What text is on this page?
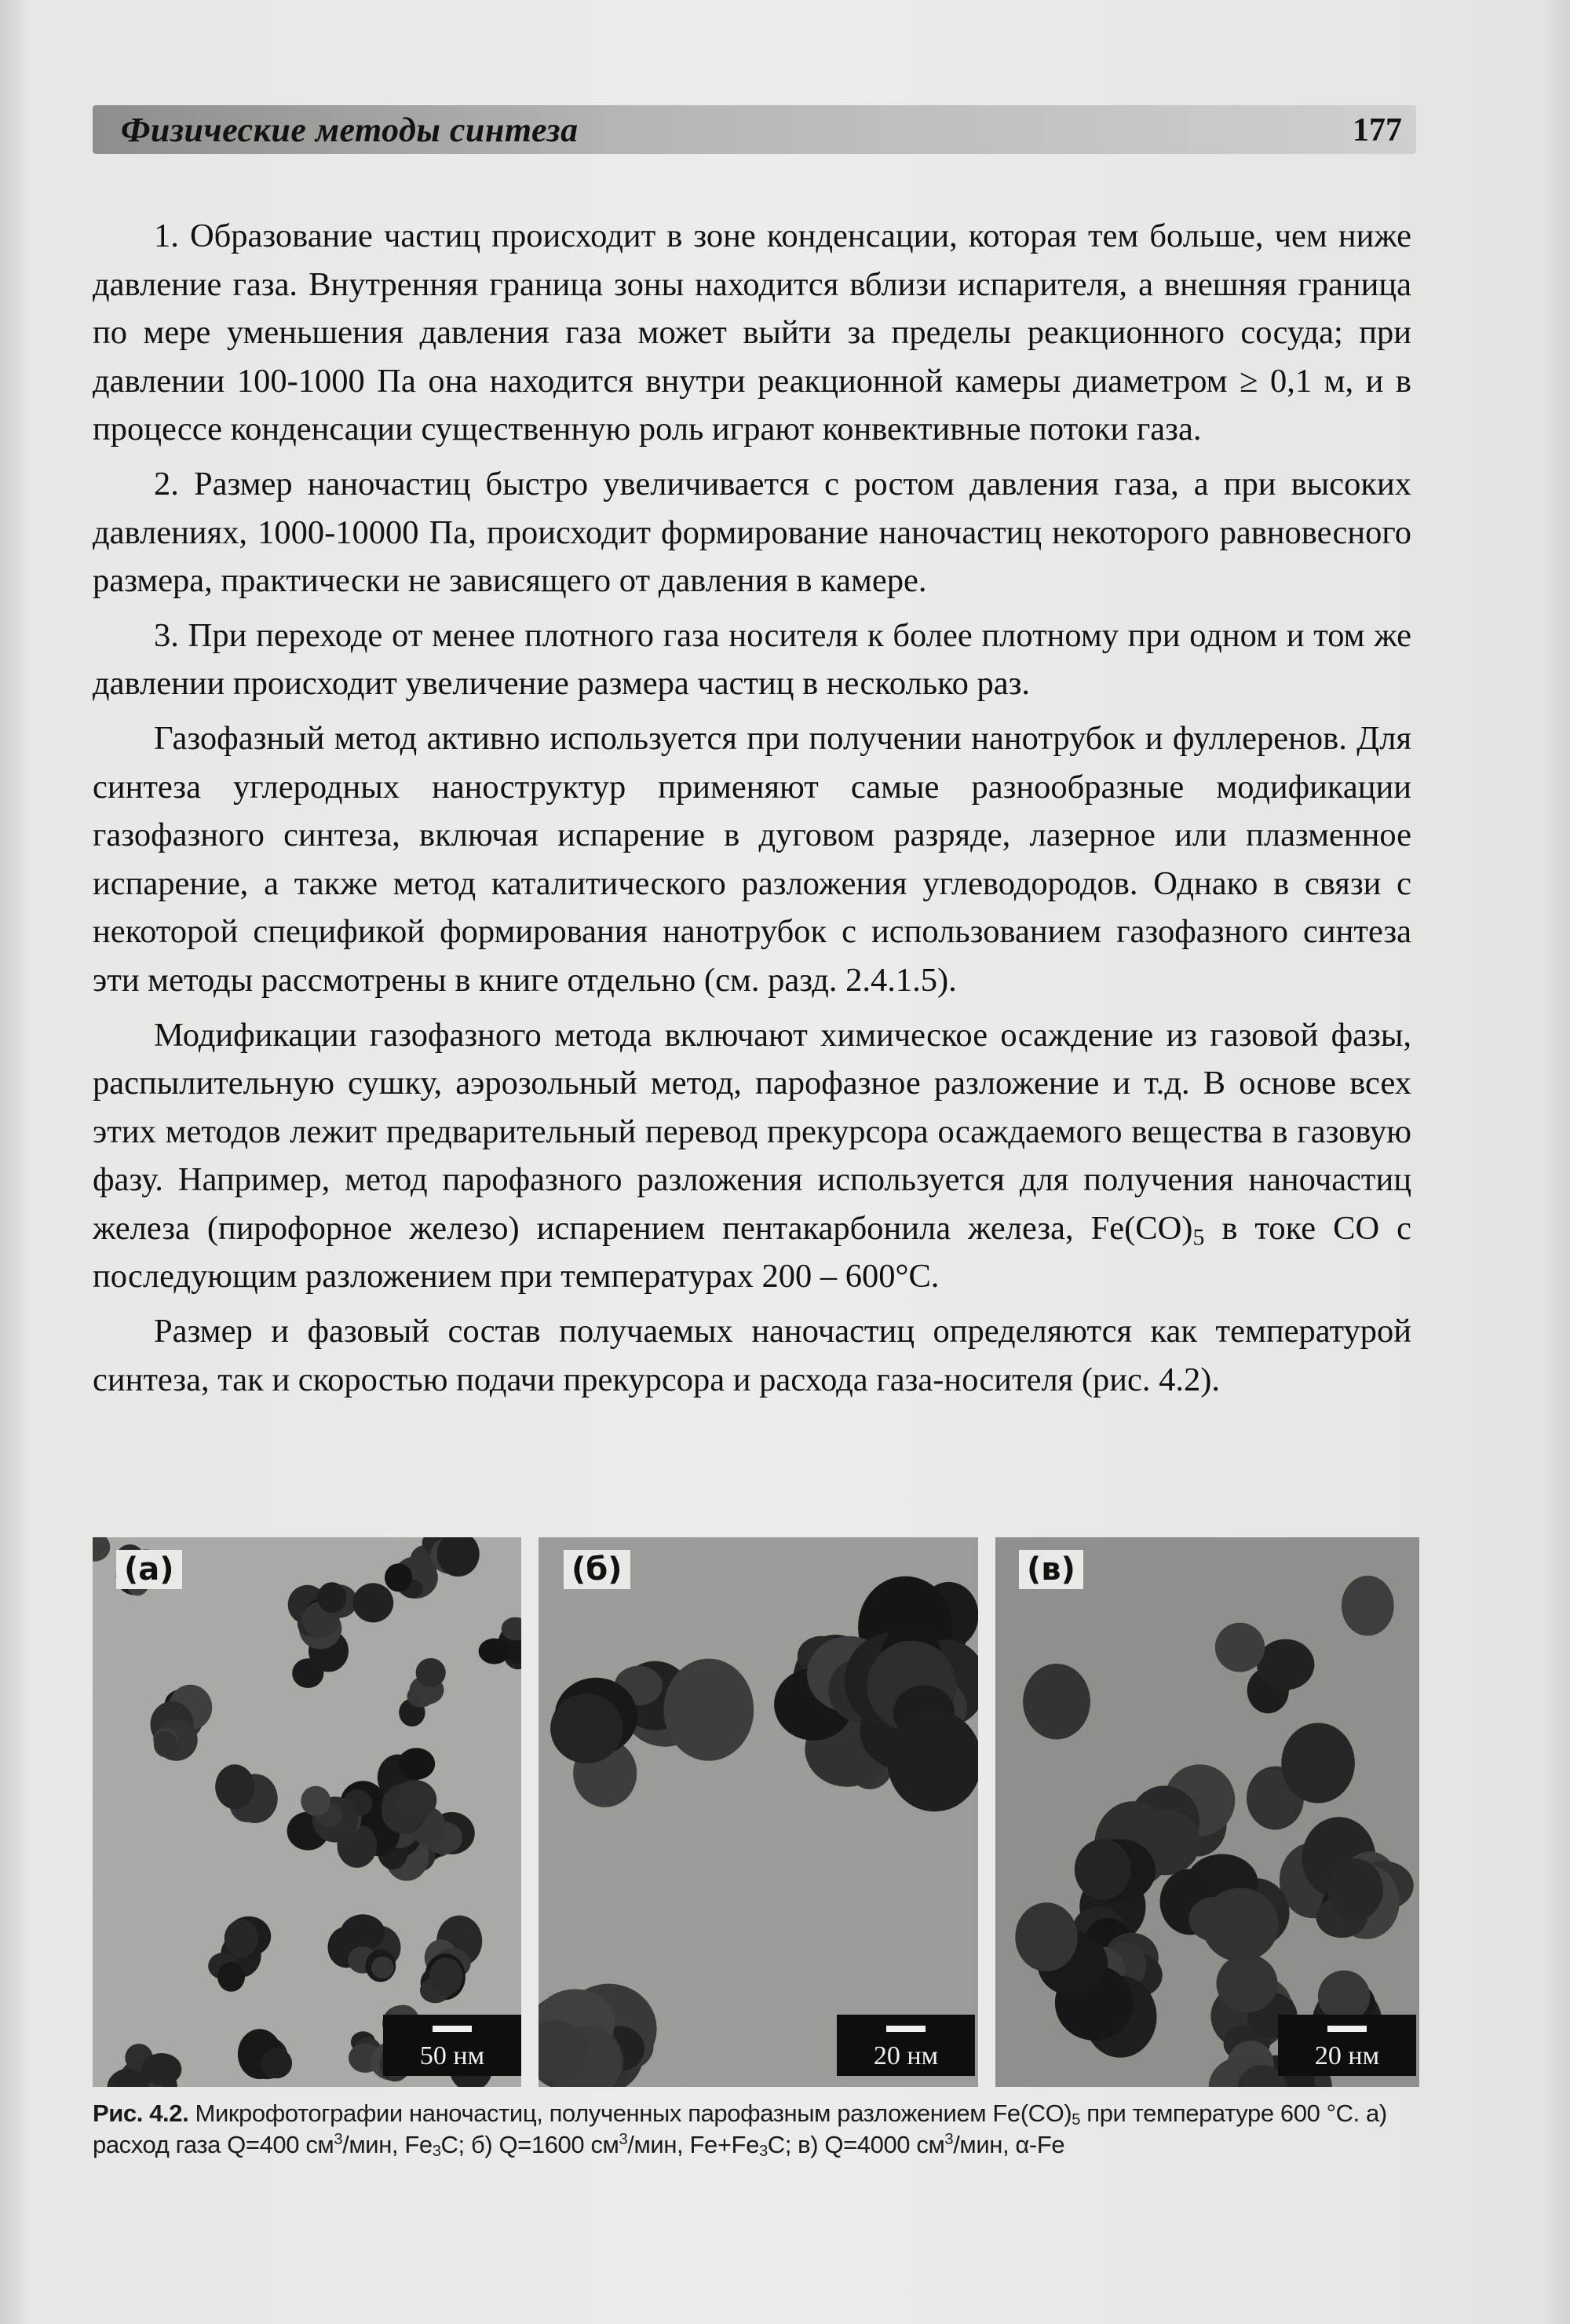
Физические методы синтеза	177

1. Образование частиц происходит в зоне конденсации, которая тем больше, чем ниже давление газа. Внутренняя граница зоны находится вблизи испарителя, а внешняя граница по мере уменьшения давления газа может выйти за пределы реакционного сосуда; при давлении 100-1000 Па она находится внутри реакционной камеры диаметром ≥ 0,1 м, и в процессе конденсации существенную роль играют конвективные потоки газа.

2. Размер наночастиц быстро увеличивается с ростом давления газа, а при высоких давлениях, 1000-10000 Па, происходит формирование наночастиц некоторого равновесного размера, практически не зависящего от давления в камере.

3. При переходе от менее плотного газа носителя к более плотному при одном и том же давлении происходит увеличение размера частиц в несколько раз.

Газофазный метод активно используется при получении нанотрубок и фуллеренов. Для синтеза углеродных наноструктур применяют самые разнообразные модификации газофазного синтеза, включая испарение в дуговом разряде, лазерное или плазменное испарение, а также метод каталитического разложения углеводородов. Однако в связи с некоторой спецификой формирования нанотрубок с использованием газофазного синтеза эти методы рассмотрены в книге отдельно (см. разд. 2.4.1.5).

Модификации газофазного метода включают химическое осаждение из газовой фазы, распылительную сушку, аэрозольный метод, парофазное разложение и т.д. В основе всех этих методов лежит предварительный перевод прекурсора осаждаемого вещества в газовую фазу. Например, метод парофазного разложения используется для получения наночастиц железа (пирофорное железо) испарением пентакарбонила железа, $Fe(CO)_5$ в токе CO с последующим разложением при температурах 200 – 600°С.

Размер и фазовый состав получаемых наночастиц определяются как температурой синтеза, так и скоростью подачи прекурсора и расхода газа-носителя (рис. 4.2).

(а)	(б)	(в)
50 нм	20 нм	20 нм
Рис. 4.2. Микрофотографии наночастиц, полученных парофазным разложением $Fe(CO)_5$ при температуре 600 °С. а) расход газа Q=400 $см^3$/мин, $Fe_3C$; б) Q=1600 $см^3$/мин, $Fe+Fe_3C$; в) Q=4000 $см^3$/мин, α-Fe
